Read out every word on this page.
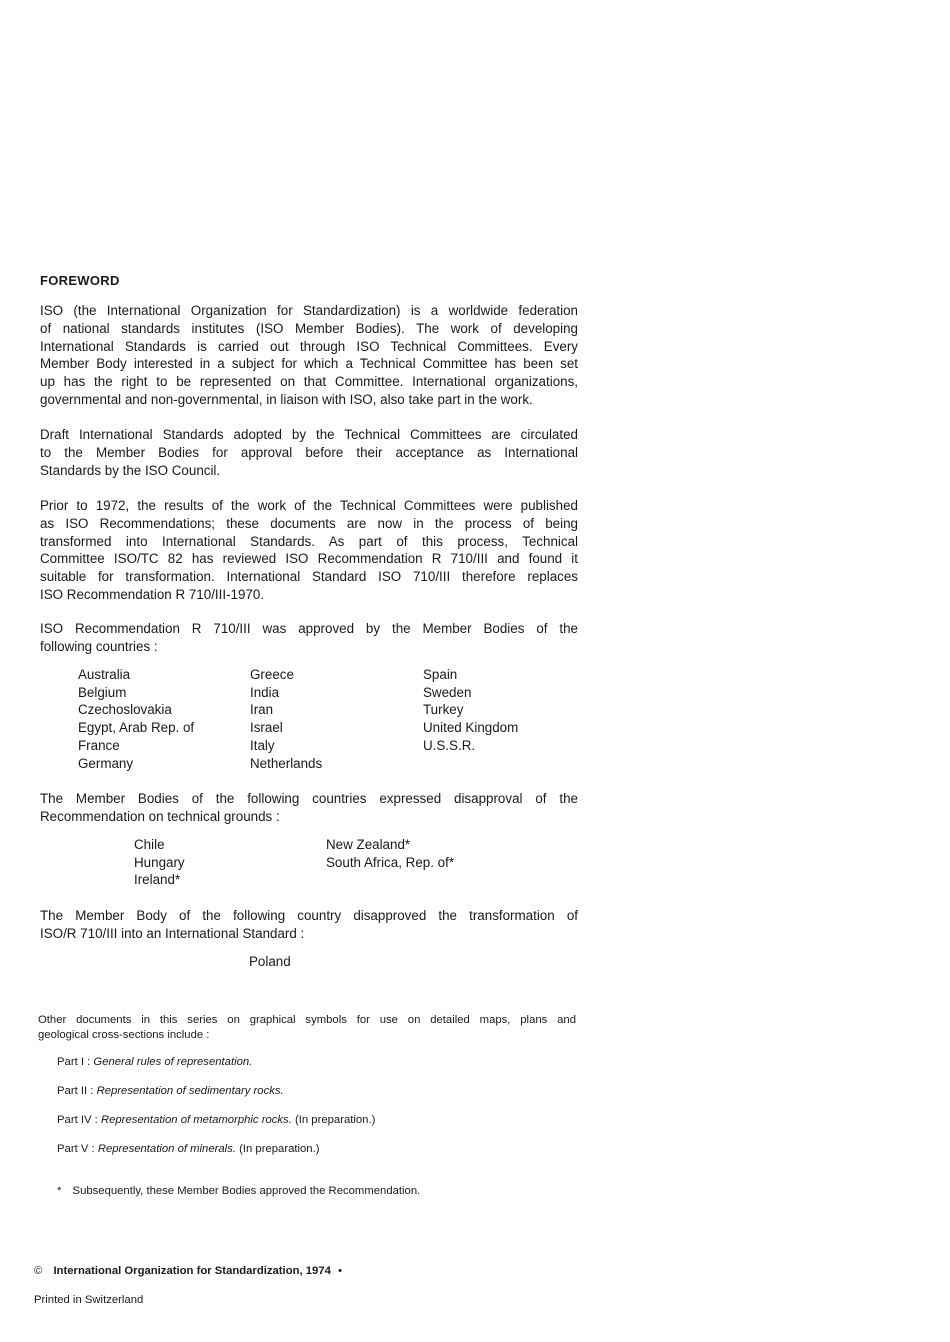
FOREWORD
ISO (the International Organization for Standardization) is a worldwide federation
of national standards institutes (ISO Member Bodies). The work of developing
International Standards is carried out through ISO Technical Committees. Every
Member Body interested in a subject for which a Technical Committee has been set
up has the right to be represented on that Committee. International organizations,
governmental and non-governmental, in liaison with ISO, also take part in the work.
Draft International Standards adopted by the Technical Committees are circulated
to the Member Bodies for approval before their acceptance as International
Standards by the ISO Council.
Prior to 1972, the results of the work of the Technical Committees were published
as ISO Recommendations; these documents are now in the process of being
transformed into International Standards. As part of this process, Technical
Committee ISO/TC 82 has reviewed ISO Recommendation R 710/III and found it
suitable for transformation. International Standard ISO 710/III therefore replaces
ISO Recommendation R 710/III-1970.
ISO Recommendation R 710/III was approved by the Member Bodies of the
following countries :
Australia
Belgium
Czechoslovakia
Egypt, Arab Rep. of
France
Germany
Greece
India
Iran
Israel
Italy
Netherlands
Spain
Sweden
Turkey
United Kingdom
U.S.S.R.
The Member Bodies of the following countries expressed disapproval of the
Recommendation on technical grounds :
Chile
Hungary
Ireland*
New Zealand*
South Africa, Rep. of*
The Member Body of the following country disapproved the transformation of
ISO/R 710/III into an International Standard :
Poland
Other documents in this series on graphical symbols for use on detailed maps, plans and
geological cross-sections include :
Part I : General rules of representation.
Part II : Representation of sedimentary rocks.
Part IV : Representation of metamorphic rocks. (In preparation.)
Part V : Representation of minerals. (In preparation.)
* Subsequently, these Member Bodies approved the Recommendation.
© International Organization for Standardization, 1974 •
Printed in Switzerland
